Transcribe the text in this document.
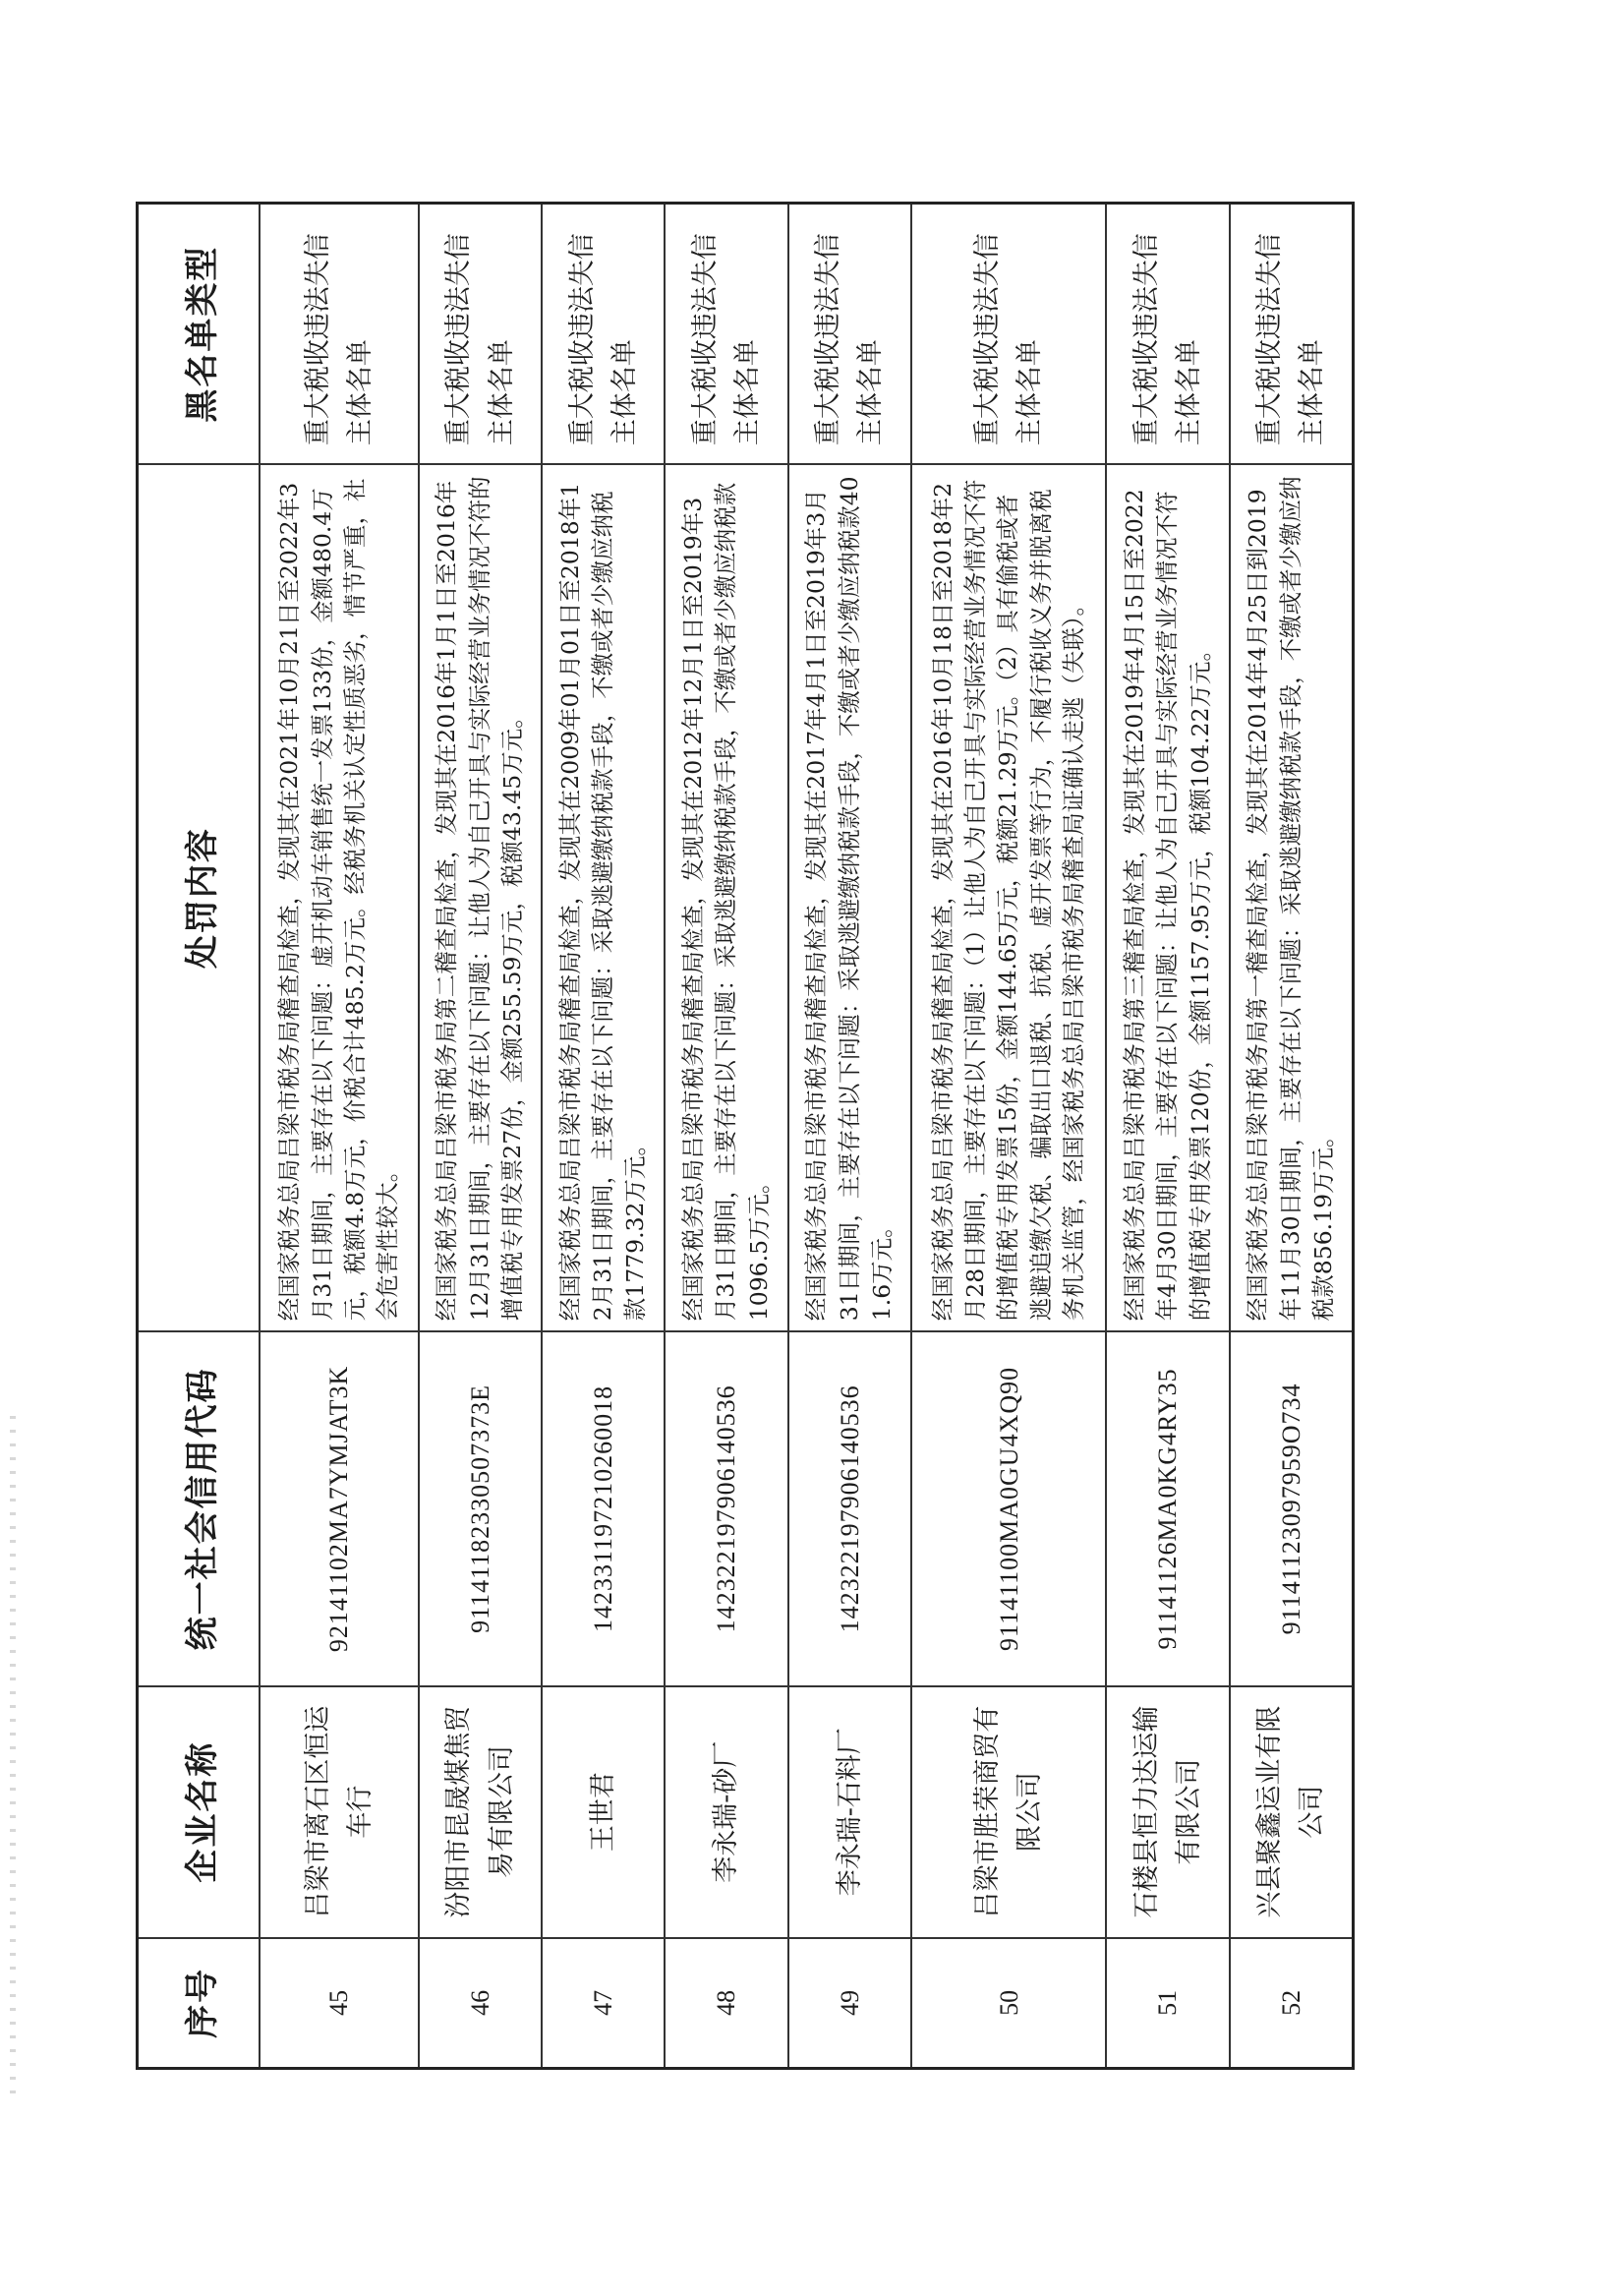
序号	企业名称	统一社会信用代码	处罚内容	黑名单类型
45	吕梁市离石区恒运车行	92141102MA7YMJAT3K	经国家税务总局吕梁市税务局稽查局检查，发现其在2021年10月21日至2022年3月31日期间，主要存在以下问题：虚开机动车销售统一发票133份，金额480.4万元，税额4.8万元，价税合计485.2万元。经税务机关认定性质恶劣，情节严重，社会危害性较大。	重大税收违法失信主体名单
46	汾阳市昆晟煤焦贸易有限公司	91141182330507373E	经国家税务总局吕梁市税务局第二稽查局检查，发现其在2016年1月1日至2016年12月31日期间，主要存在以下问题：让他人为自己开具与实际经营业务情况不符的增值税专用发票27份，金额255.59万元，税额43.45万元。	重大税收违法失信主体名单
47	王世君	142331197210260018	经国家税务总局吕梁市税务局稽查局检查，发现其在2009年01月01日至2018年12月31日期间，主要存在以下问题：采取逃避缴纳税款手段，不缴或者少缴应纳税款1779.32万元。	重大税收违法失信主体名单
48	李永瑞-砂厂	142322197906140536	经国家税务总局吕梁市税务局稽查局检查，发现其在2012年12月1日至2019年3月31日期间，主要存在以下问题：采取逃避缴纳税款手段，不缴或者少缴应纳税款1096.5万元。	重大税收违法失信主体名单
49	李永瑞-石料厂	142322197906140536	经国家税务总局吕梁市税务局稽查局检查，发现其在2017年4月1日至2019年3月31日期间，主要存在以下问题：采取逃避缴纳税款手段，不缴或者少缴应纳税款401.6万元。	重大税收违法失信主体名单
50	吕梁市胜荣商贸有限公司	91141100MA0GU4XQ90	经国家税务总局吕梁市税务局稽查局检查，发现其在2016年10月18日至2018年2月28日期间，主要存在以下问题：（1）让他人为自己开具与实际经营业务情况不符的增值税专用发票15份，金额144.65万元，税额21.29万元。（2）具有偷税或者逃避追缴欠税、骗取出口退税、抗税、虚开发票等行为，不履行税收义务并脱离税务机关监管，经国家税务总局吕梁市税务局稽查局证确认走逃（失联）。	重大税收违法失信主体名单
51	石楼县恒力达运输有限公司	91141126MA0KG4RY35	经国家税务总局吕梁市税务局第三稽查局检查，发现其在2019年4月15日至2022年4月30日期间，主要存在以下问题：让他人为自己开具与实际经营业务情况不符的增值税专用发票120份，金额1157.95万元，税额104.22万元。	重大税收违法失信主体名单
52	兴县聚鑫运业有限公司	91141123097959O734	经国家税务总局吕梁市税务局第一稽查局检查，发现其在2014年4月25日到2019年11月30日期间，主要存在以下问题：采取逃避缴纳税款手段，不缴或者少缴应纳税款856.19万元。	重大税收违法失信主体名单
